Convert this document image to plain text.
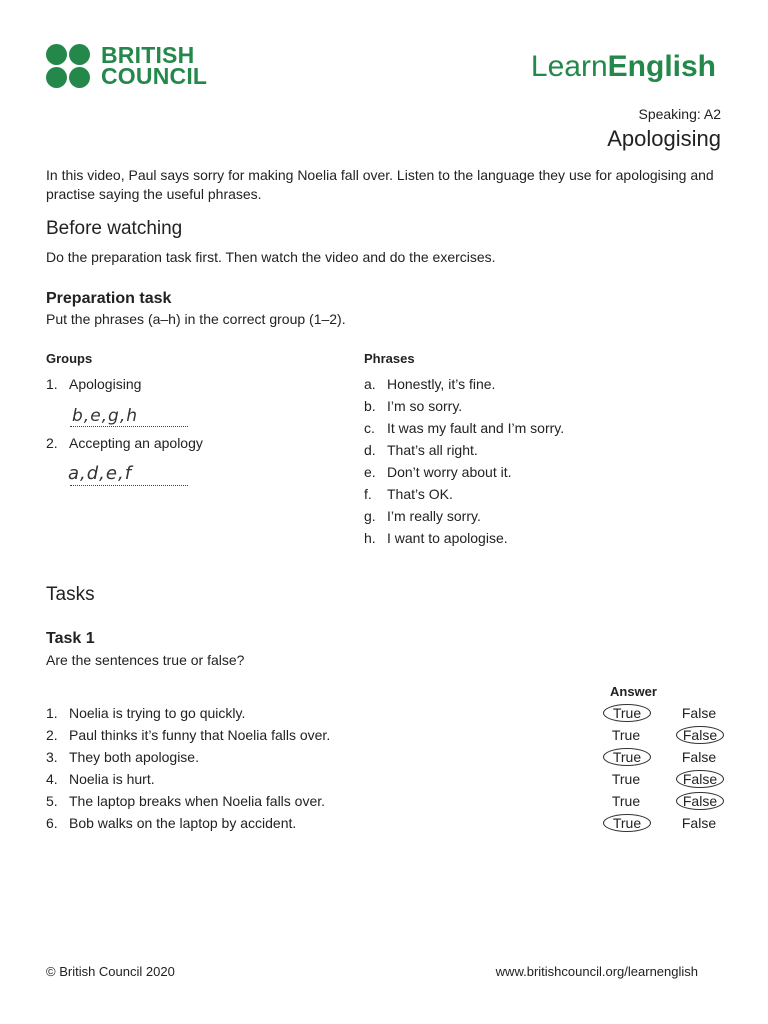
BRITISH
COUNCIL	LearnEnglish
Speaking: A2
Apologising
In this video, Paul says sorry for making Noelia fall over. Listen to the language they use for apologising and practise saying the useful phrases.
Before watching
Do the preparation task first. Then watch the video and do the exercises.
Preparation task
Put the phrases (a–h) in the correct group (1–2).
Groups	Phrases
1. Apologising
b,e,g,h
2. Accepting an apology
a,d,e,f
a. Honestly, it’s fine.
b. I’m so sorry.
c. It was my fault and I’m sorry.
d. That’s all right.
e. Don’t worry about it.
f.	That’s OK.
g. I’m really sorry.
h. I want to apologise.
Tasks
Task 1
Are the sentences true or false?
Answer
1. Noelia is trying to go quickly.	True	False
2. Paul thinks it’s funny that Noelia falls over.	True	False
3. They both apologise.	True	False
4. Noelia is hurt.	True	False
5. The laptop breaks when Noelia falls over.	True	False
6. Bob walks on the laptop by accident.	True	False
© British Council 2020	www.britishcouncil.org/learnenglish
